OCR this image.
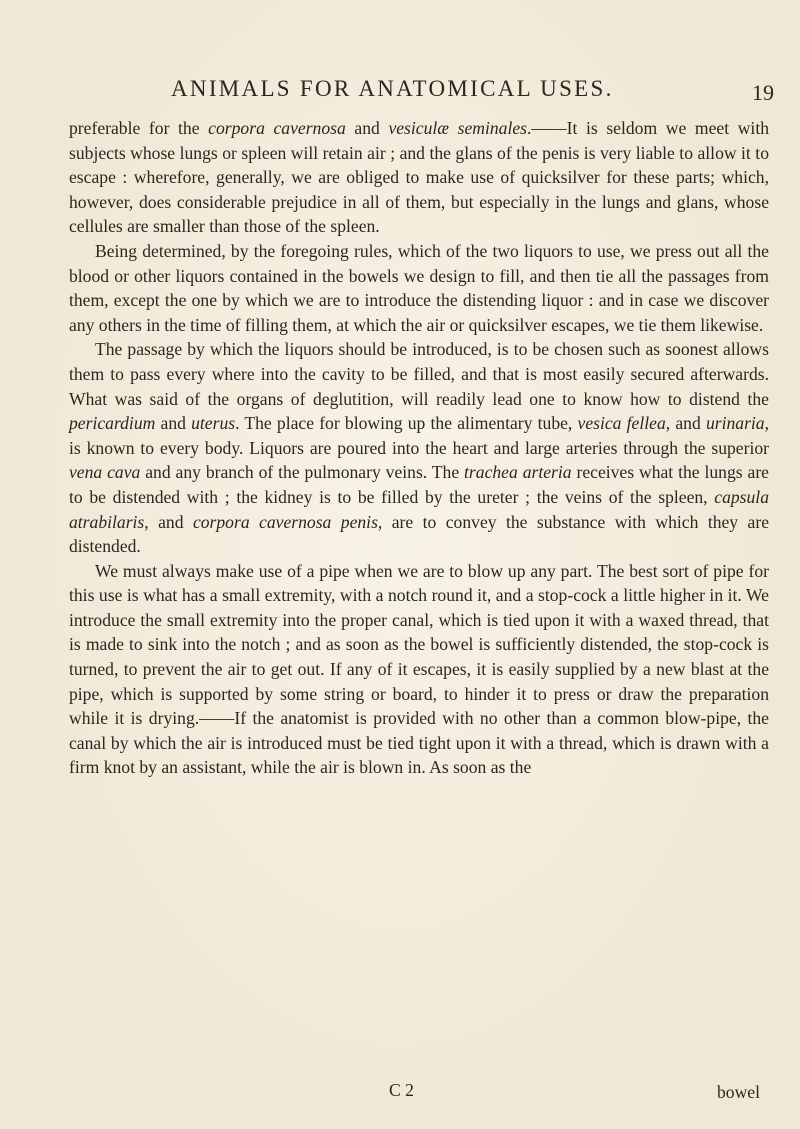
ANIMALS FOR ANATOMICAL USES.	19

preferable for the corpora cavernosa and vesiculæ seminales.——It is seldom we meet with subjects whose lungs or spleen will retain air ; and the glans of the penis is very liable to allow it to escape : wherefore, generally, we are obliged to make use of quicksilver for these parts; which, however, does considerable prejudice in all of them, but especially in the lungs and glans, whose cellules are smaller than those of the spleen.

Being determined, by the foregoing rules, which of the two liquors to use, we press out all the blood or other liquors contained in the bowels we design to fill, and then tie all the passages from them, except the one by which we are to introduce the distending liquor : and in case we discover any others in the time of filling them, at which the air or quicksilver escapes, we tie them likewise.

The passage by which the liquors should be introduced, is to be chosen such as soonest allows them to pass every where into the cavity to be filled, and that is most easily secured afterwards. What was said of the organs of deglutition, will readily lead one to know how to distend the pericardium and uterus. The place for blowing up the alimentary tube, vesica fellea, and urinaria, is known to every body. Liquors are poured into the heart and large arteries through the superior vena cava and any branch of the pulmonary veins. The trachea arteria receives what the lungs are to be distended with ; the kidney is to be filled by the ureter ; the veins of the spleen, capsula atrabilaris, and corpora cavernosa penis, are to convey the substance with which they are distended.

We must always make use of a pipe when we are to blow up any part. The best sort of pipe for this use is what has a small extremity, with a notch round it, and a stop-cock a little higher in it. We introduce the small extremity into the proper canal, which is tied upon it with a waxed thread, that is made to sink into the notch ; and as soon as the bowel is sufficiently distended, the stop-cock is turned, to prevent the air to get out. If any of it escapes, it is easily supplied by a new blast at the pipe, which is supported by some string or board, to hinder it to press or draw the preparation while it is drying.——If the anatomist is provided with no other than a common blow-pipe, the canal by which the air is introduced must be tied tight upon it with a thread, which is drawn with a firm knot by an assistant, while the air is blown in. As soon as the

C 2	bowel
